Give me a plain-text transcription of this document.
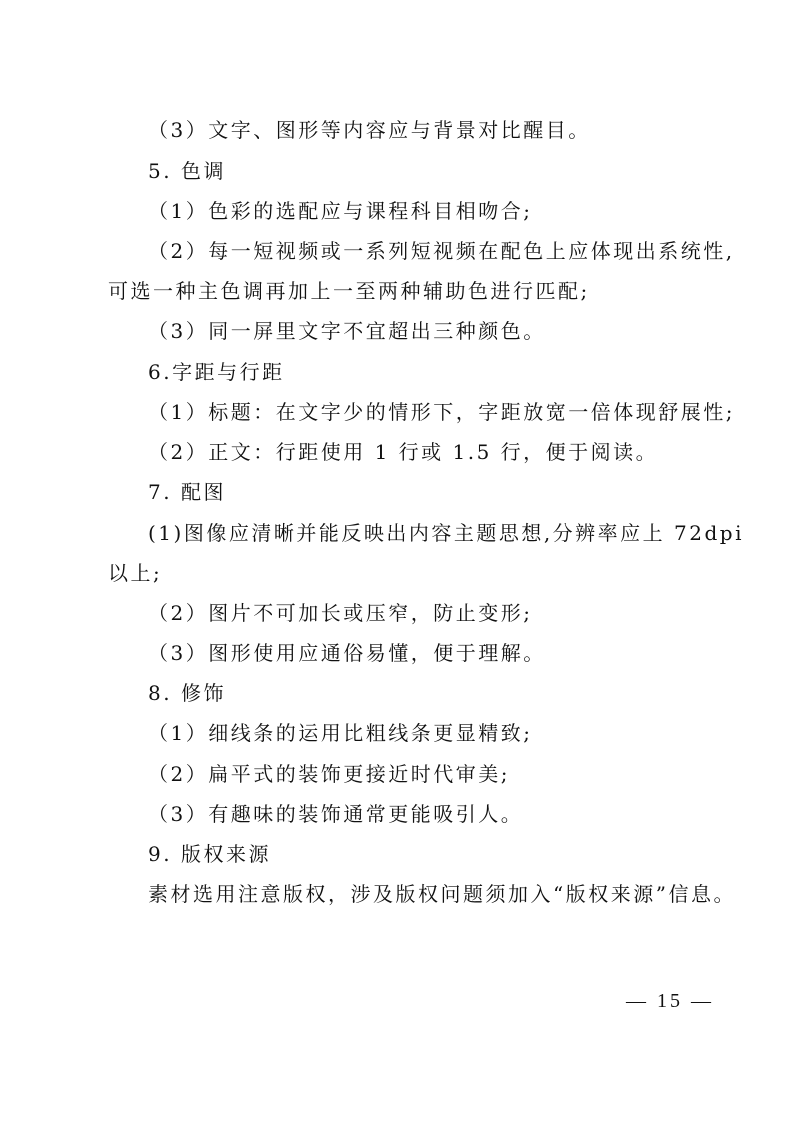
（3）文字、图形等内容应与背景对比醒目。
5. 色调
（1）色彩的选配应与课程科目相吻合;
（2）每一短视频或一系列短视频在配色上应体现出系统性,
可选一种主色调再加上一至两种辅助色进行匹配;
（3）同一屏里文字不宜超出三种颜色。
6.字距与行距
（1）标题：在文字少的情形下，字距放宽一倍体现舒展性;
（2）正文：行距使用 1 行或 1.5 行，便于阅读。
7. 配图
(1)图像应清晰并能反映出内容主题思想,分辨率应上 72dpi
以上;
（2）图片不可加长或压窄，防止变形;
（3）图形使用应通俗易懂，便于理解。
8. 修饰
（1）细线条的运用比粗线条更显精致;
（2）扁平式的装饰更接近时代审美;
（3）有趣味的装饰通常更能吸引人。
9. 版权来源
素材选用注意版权，涉及版权问题须加入“版权来源”信息。
— 15 —
